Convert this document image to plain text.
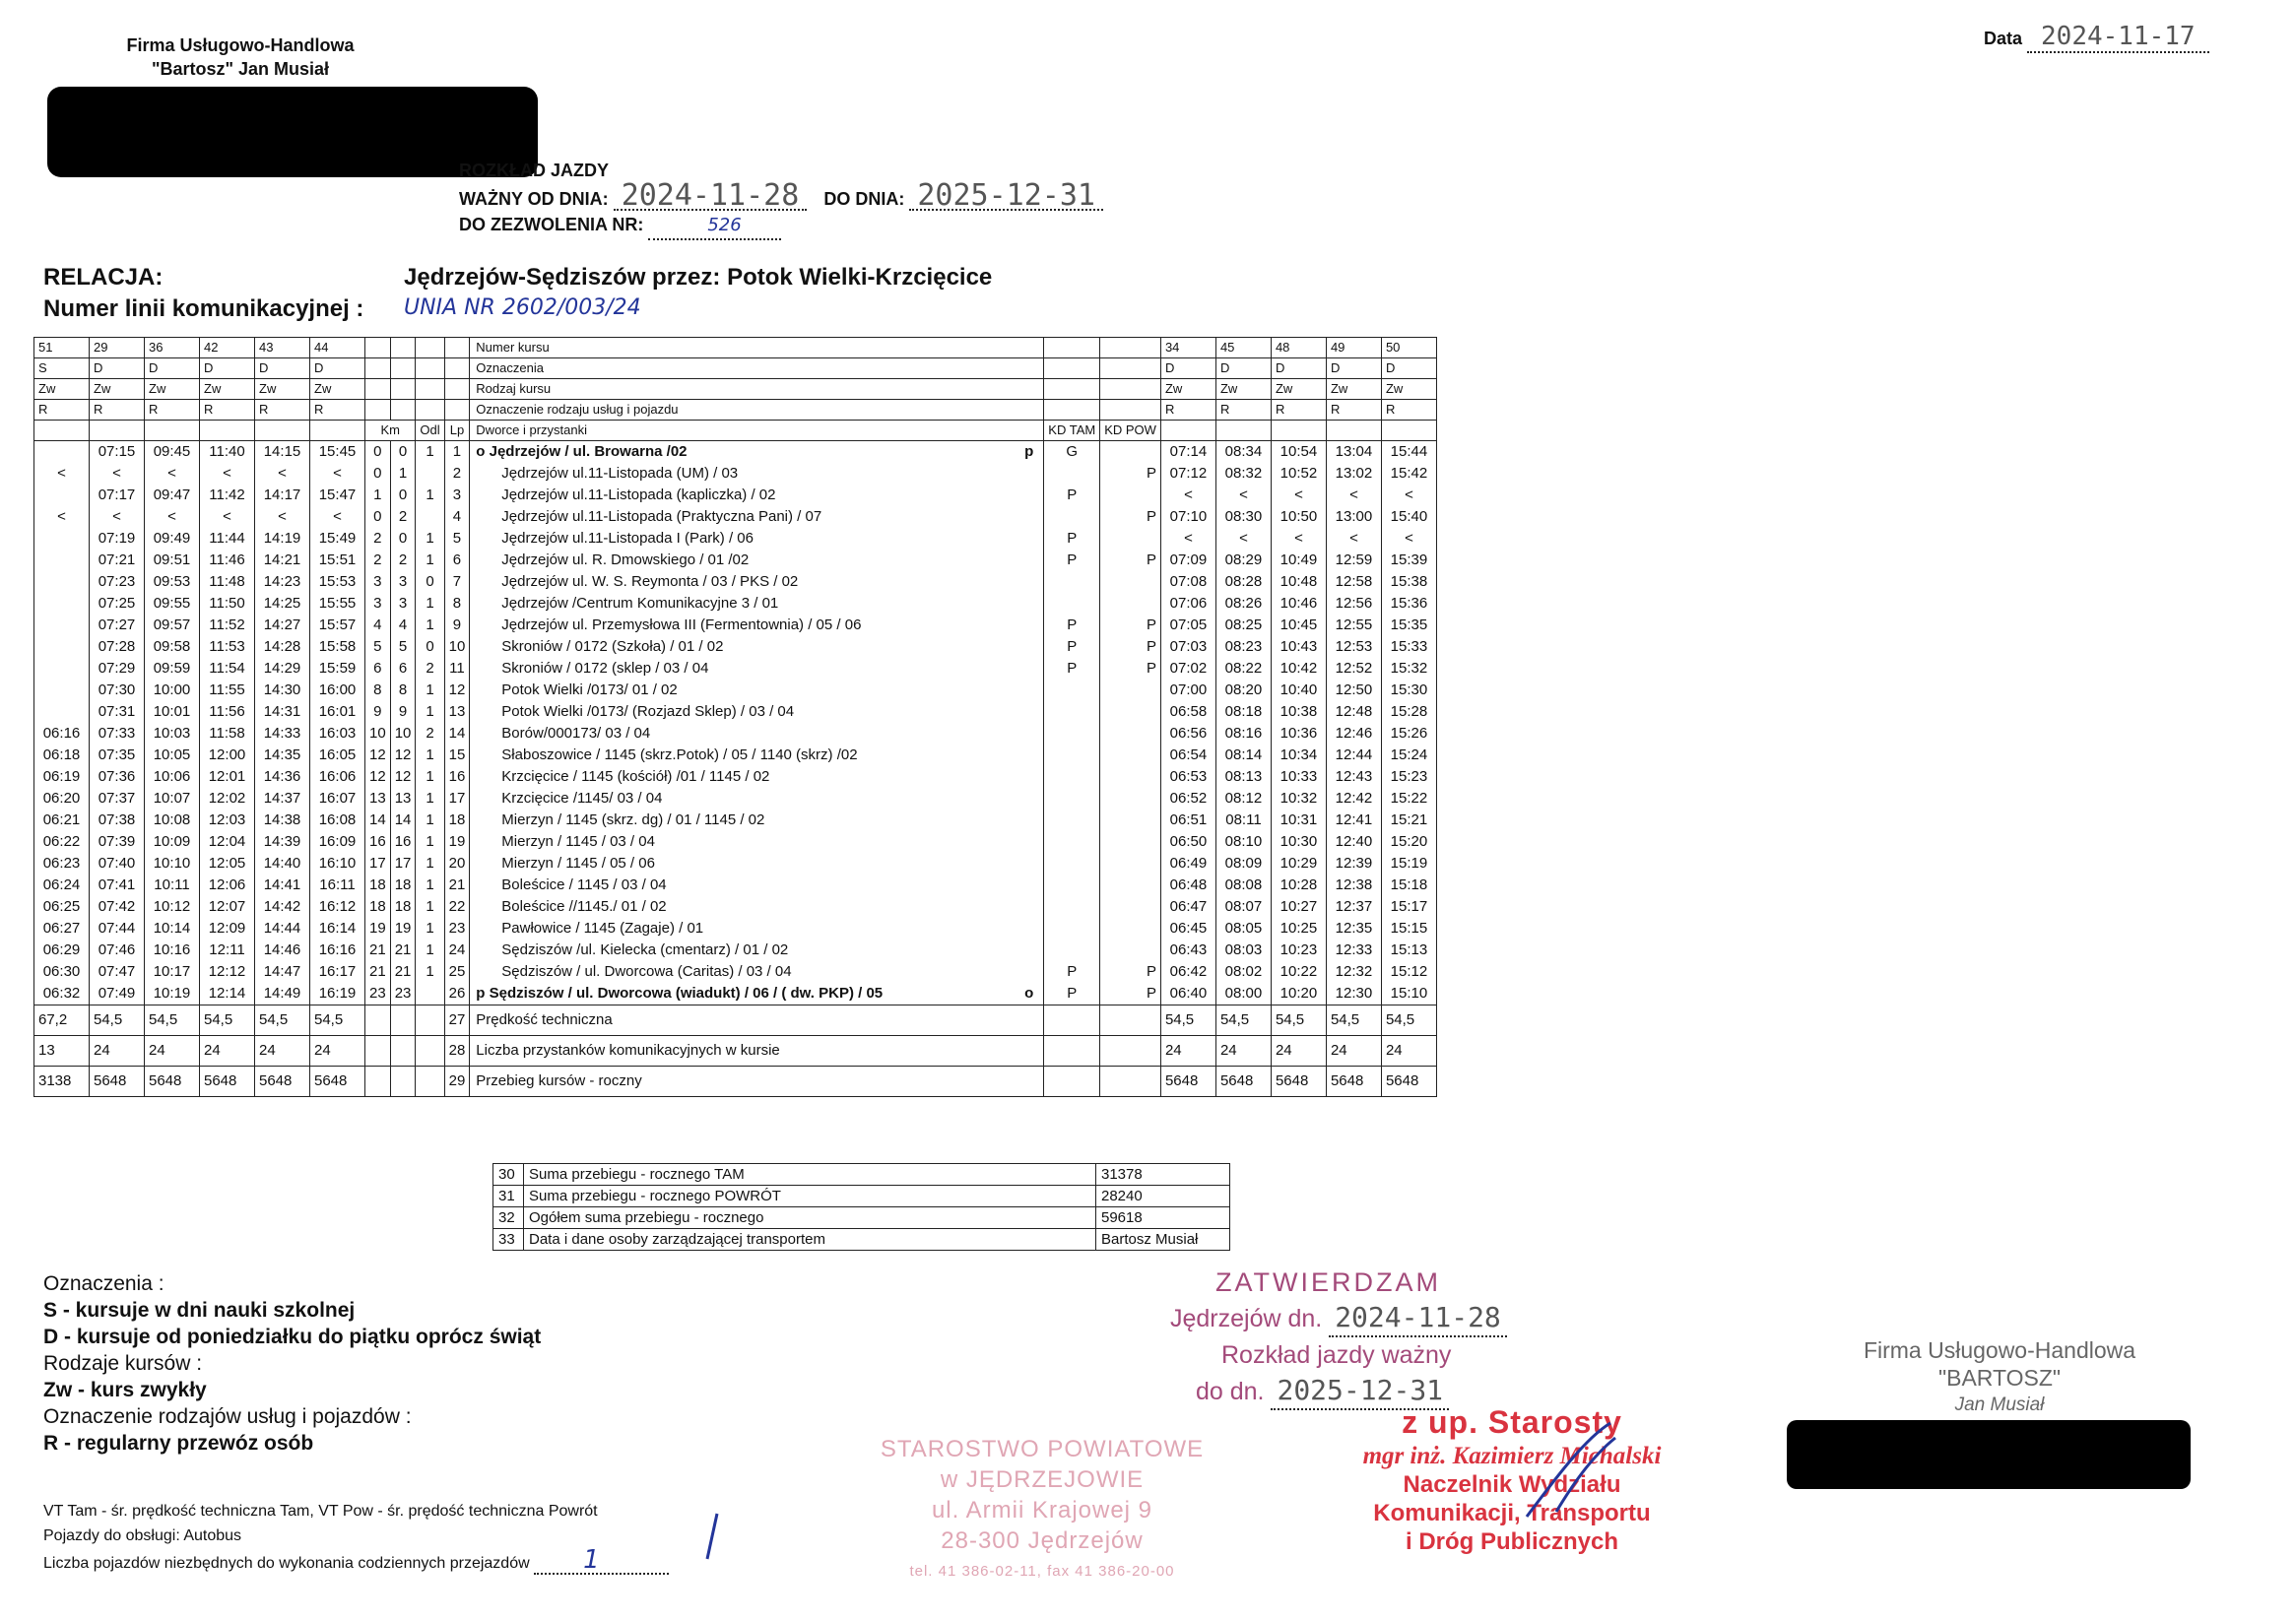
Firma Usługowo-Handlowa
"Bartosz" Jan Musiał
Data 2024-11-17
ROZKŁAD JAZDY
WAŻNY OD DNIA: 2024-11-28 DO DNIA: 2025-12-31
DO ZEZWOLENIA NR:	526
RELACJA:	Jędrzejów-Sędziszów przez: Potok Wielki-Krzcięcice
Numer linii komunikacyjnej : UNIA NR 2602/003/24
51	29	36	42	43	44					Numer kursu			34	45	48	49	50
S	D	D	D	D	D					Oznaczenia			D	D	D	D	D
Zw	Zw	Zw	Zw	Zw	Zw					Rodzaj kursu			Zw	Zw	Zw	Zw	Zw
R	R	R	R	R	R					Oznaczenie rodzaju usług i pojazdu			R	R	R	R	R
						Km		Odl	Lp	Dworce i przystanki	KD TAM	KD POW					
	07:15	09:45	11:40	14:15	15:45	0	0	1	1	o Jędrzejów / ul. Browarna /02 p	G		07:14	08:34	10:54	13:04	15:44
<	<	<	<	<	<	0	1		2	Jędrzejów ul.11-Listopada (UM) / 03		P	07:12	08:32	10:52	13:02	15:42
	07:17	09:47	11:42	14:17	15:47	1	0	1	3	Jędrzejów ul.11-Listopada (kapliczka) / 02	P		<	<	<	<	<
<	<	<	<	<	<	0	2		4	Jędrzejów ul.11-Listopada (Praktyczna Pani) / 07		P	07:10	08:30	10:50	13:00	15:40
	07:19	09:49	11:44	14:19	15:49	2	0	1	5	Jędrzejów ul.11-Listopada I (Park) / 06	P		<	<	<	<	<
	07:21	09:51	11:46	14:21	15:51	2	2	1	6	Jędrzejów ul. R. Dmowskiego / 01 /02	P	P	07:09	08:29	10:49	12:59	15:39
	07:23	09:53	11:48	14:23	15:53	3	3	0	7	Jędrzejów ul. W. S. Reymonta / 03 / PKS / 02			07:08	08:28	10:48	12:58	15:38
	07:25	09:55	11:50	14:25	15:55	3	3	1	8	Jędrzejów /Centrum Komunikacyjne 3 / 01			07:06	08:26	10:46	12:56	15:36
	07:27	09:57	11:52	14:27	15:57	4	4	1	9	Jędrzejów ul. Przemysłowa III (Fermentownia) / 05 / 06	P	P	07:05	08:25	10:45	12:55	15:35
	07:28	09:58	11:53	14:28	15:58	5	5	0	10	Skroniów / 0172 (Szkoła) / 01 / 02	P	P	07:03	08:23	10:43	12:53	15:33
	07:29	09:59	11:54	14:29	15:59	6	6	2	11	Skroniów / 0172 (sklep / 03 / 04	P	P	07:02	08:22	10:42	12:52	15:32
	07:30	10:00	11:55	14:30	16:00	8	8	1	12	Potok Wielki /0173/ 01 / 02			07:00	08:20	10:40	12:50	15:30
	07:31	10:01	11:56	14:31	16:01	9	9	1	13	Potok Wielki /0173/ (Rozjazd Sklep) / 03 / 04			06:58	08:18	10:38	12:48	15:28
06:16	07:33	10:03	11:58	14:33	16:03	10	10	2	14	Borów/000173/ 03 / 04			06:56	08:16	10:36	12:46	15:26
06:18	07:35	10:05	12:00	14:35	16:05	12	12	1	15	Słaboszowice / 1145 (skrz.Potok) / 05 / 1140 (skrz) /02			06:54	08:14	10:34	12:44	15:24
06:19	07:36	10:06	12:01	14:36	16:06	12	12	1	16	Krzcięcice / 1145 (kościół) /01 / 1145 / 02			06:53	08:13	10:33	12:43	15:23
06:20	07:37	10:07	12:02	14:37	16:07	13	13	1	17	Krzcięcice /1145/ 03 / 04			06:52	08:12	10:32	12:42	15:22
06:21	07:38	10:08	12:03	14:38	16:08	14	14	1	18	Mierzyn / 1145 (skrz. dg) / 01 / 1145 / 02			06:51	08:11	10:31	12:41	15:21
06:22	07:39	10:09	12:04	14:39	16:09	16	16	1	19	Mierzyn / 1145 / 03 / 04			06:50	08:10	10:30	12:40	15:20
06:23	07:40	10:10	12:05	14:40	16:10	17	17	1	20	Mierzyn / 1145 / 05 / 06			06:49	08:09	10:29	12:39	15:19
06:24	07:41	10:11	12:06	14:41	16:11	18	18	1	21	Boleścice / 1145 / 03 / 04			06:48	08:08	10:28	12:38	15:18
06:25	07:42	10:12	12:07	14:42	16:12	18	18	1	22	Boleścice //1145./ 01 / 02			06:47	08:07	10:27	12:37	15:17
06:27	07:44	10:14	12:09	14:44	16:14	19	19	1	23	Pawłowice / 1145 (Zagaje) / 01			06:45	08:05	10:25	12:35	15:15
06:29	07:46	10:16	12:11	14:46	16:16	21	21	1	24	Sędziszów /ul. Kielecka (cmentarz) / 01 / 02			06:43	08:03	10:23	12:33	15:13
06:30	07:47	10:17	12:12	14:47	16:17	21	21	1	25	Sędziszów / ul. Dworcowa (Caritas) / 03 / 04	P	P	06:42	08:02	10:22	12:32	15:12
06:32	07:49	10:19	12:14	14:49	16:19	23	23		26	p Sędziszów / ul. Dworcowa (wiadukt) / 06 / ( dw. PKP) / 05 o	P	P	06:40	08:00	10:20	12:30	15:10
67,2	54,5	54,5	54,5	54,5	54,5				27	Prędkość techniczna			54,5	54,5	54,5	54,5	54,5
13	24	24	24	24	24				28	Liczba przystanków komunikacyjnych w kursie			24	24	24	24	24
3138	5648	5648	5648	5648	5648				29	Przebieg kursów - roczny			5648	5648	5648	5648	5648
30	Suma przebiegu - rocznego TAM	31378
31	Suma przebiegu - rocznego POWRÓT	28240
32	Ogółem suma przebiegu - rocznego	59618
33	Data i dane osoby zarządzającej transportem	Bartosz Musiał
Oznaczenia :
S - kursuje w dni nauki szkolnej
D - kursuje od poniedziałku do piątku oprócz świąt
Rodzaje kursów :
Zw - kurs zwykły
Oznaczenie rodzajów usług i pojazdów :
R - regularny przewóz osób
VT Tam - śr. prędkość techniczna Tam, VT Pow - śr. prędość techniczna Powrót
Pojazdy do obsługi: Autobus
Liczba pojazdów niezbędnych do wykonania codziennych przejazdów 1
STAROSTWO POWIATOWE
w JĘDRZEJOWIE
ul. Armii Krajowej 9
28-300 Jędrzejów
tel. 41 386-02-11, fax 41 386-20-00
ZATWIERDZAM
Jędrzejów dn. 2024-11-28
Rozkład jazdy ważny
do dn. 2025-12-31
z up. Starosty
mgr inż. Kazimierz Michalski
Naczelnik Wydziału
Komunikacji, Transportu
i Dróg Publicznych
Firma Usługowo-Handlowa
"BARTOSZ"
Jan Musiał
